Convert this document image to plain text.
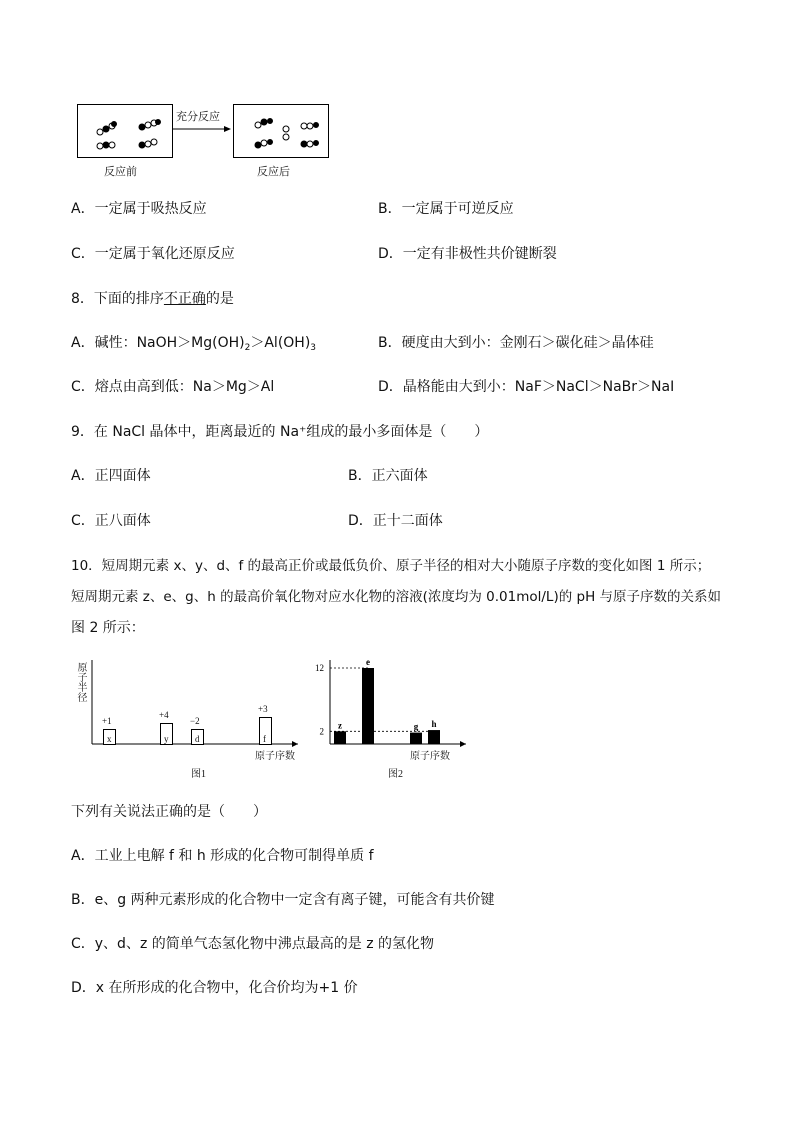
充分反应
反应前	反应后
A．一定属于吸热反应	B．一定属于可逆反应
C．一定属于氧化还原反应	D．一定有非极性共价键断裂
8．下面的排序不正确的是
A．碱性：$NaOH>Mg(OH)_2>Al(OH)_3$	B．硬度由大到小：金刚石＞碳化硅＞晶体硅
C．熔点由高到低：Na＞Mg＞Al	D．晶格能由大到小：NaF＞NaCl＞NaBr＞NaI
9．在 NaCl 晶体中，距离最近的 Na⁺组成的最小多面体是（　　）
A．正四面体	B．正六面体
C．正八面体	D．正十二面体
10．短周期元素 x、y、d、f 的最高正价或最低负价、原子半径的相对大小随原子序数的变化如图 1 所示；
短周期元素 z、e、g、h 的最高价氧化物对应水化物的溶液(浓度均为 0.01mol/L)的 pH 与原子序数的关系如
图 2 所示：
原子半径
x
+1
y
+4
d
−2
f
+3
原子序数
图1
2
12
z
e
g h
原子序数
图2
下列有关说法正确的是（　　）
A．工业上电解 f 和 h 形成的化合物可制得单质 f
B．e、g 两种元素形成的化合物中一定含有离子键，可能含有共价键
C．y、d、z 的简单气态氢化物中沸点最高的是 z 的氢化物
D．x 在所形成的化合物中，化合价均为+1 价
